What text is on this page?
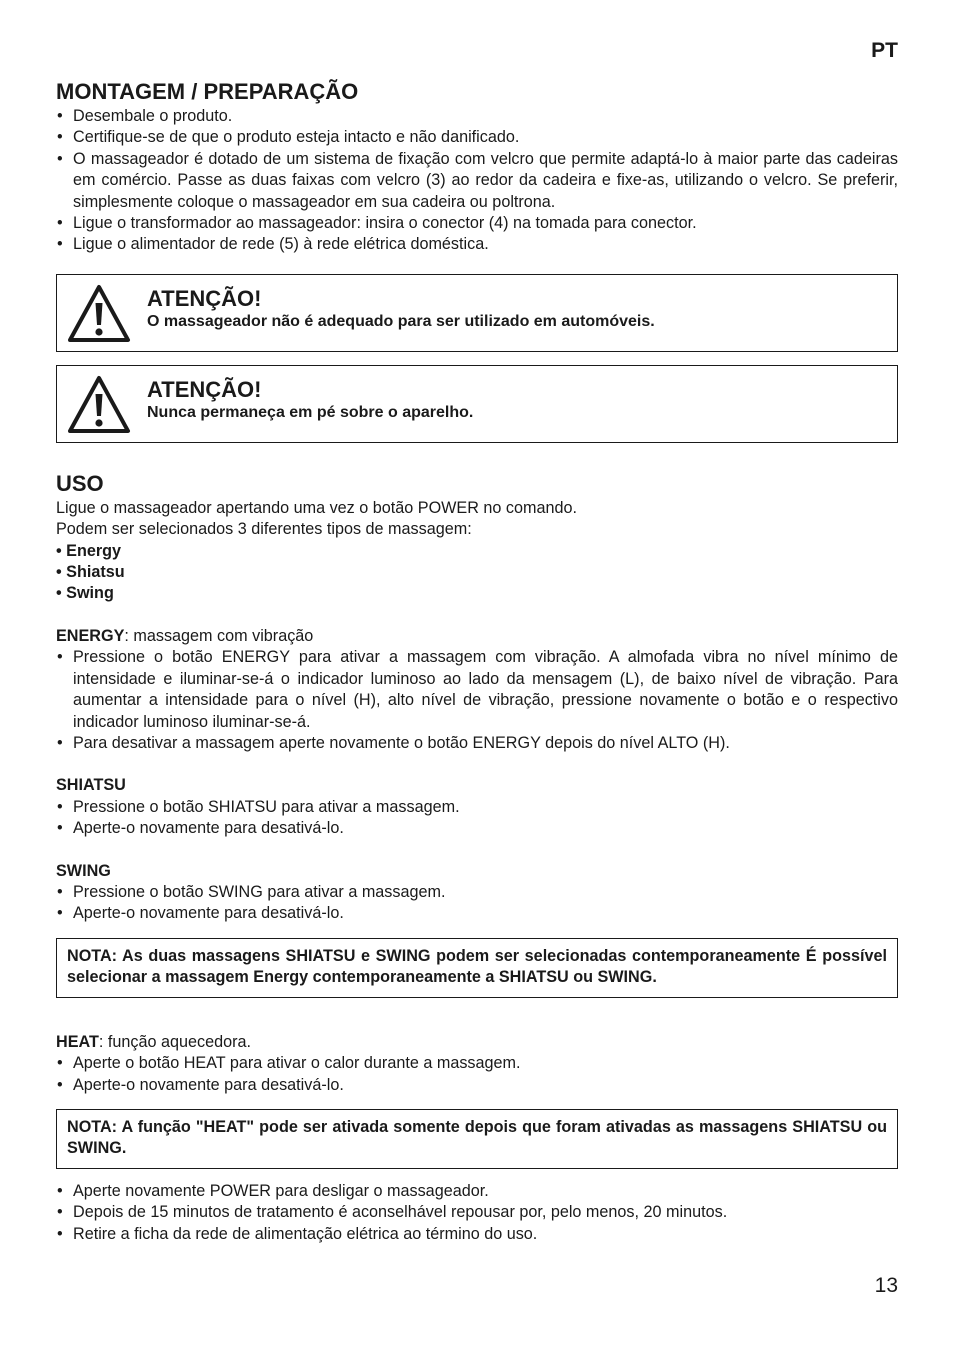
PT
MONTAGEM / PREPARAÇÃO
• Desembale o produto.
• Certifique-se de que o produto esteja intacto e não danificado.
• O massageador é dotado de um sistema de fixação com velcro que permite adaptá-lo à maior parte das cadeiras em comércio. Passe as duas faixas com velcro (3) ao redor da cadeira e fixe-as, utilizando o velcro. Se preferir, simplesmente coloque o massageador em sua cadeira ou poltrona.
• Ligue o transformador ao massageador: insira o conector (4) na tomada para conector.
• Ligue o alimentador de rede (5) à rede elétrica doméstica.
ATENÇÃO!
O massageador não é adequado para ser utilizado em automóveis.
ATENÇÃO!
Nunca permaneça em pé sobre o aparelho.
USO

Ligue o massageador apertando uma vez o botão POWER no comando.

Podem ser selecionados 3 diferentes tipos de massagem:

• Energy
• Shiatsu
• Swing

ENERGY: massagem com vibração

• Pressione o botão ENERGY para ativar a massagem com vibração. A almofada vibra no nível mínimo de intensidade e iluminar-se-á o indicador luminoso ao lado da mensagem (L), de baixo nível de vibração. Para aumentar a intensidade para o nível (H), alto nível de vibração, pressione novamente o botão e o respectivo indicador luminoso iluminar-se-á.
• Para desativar a massagem aperte novamente o botão ENERGY depois do nível ALTO (H).

SHIATSU

• Pressione o botão SHIATSU para ativar a massagem.
• Aperte-o novamente para desativá-lo.

SWING

• Pressione o botão SWING para ativar a massagem.
• Aperte-o novamente para desativá-lo.
NOTA: As duas massagens SHIATSU e SWING podem ser selecionadas contemporaneamente É possível selecionar a massagem Energy contemporaneamente a SHIATSU ou SWING.

HEAT: função aquecedora.

• Aperte o botão HEAT para ativar o calor durante a massagem.
• Aperte-o novamente para desativá-lo.
NOTA: A função "HEAT" pode ser ativada somente depois que foram ativadas as massagens SHIATSU ou SWING.
• Aperte novamente POWER para desligar o massageador.
• Depois de 15 minutos de tratamento é aconselhável repousar por, pelo menos, 20 minutos.
• Retire a ficha da rede de alimentação elétrica ao término do uso.
13
